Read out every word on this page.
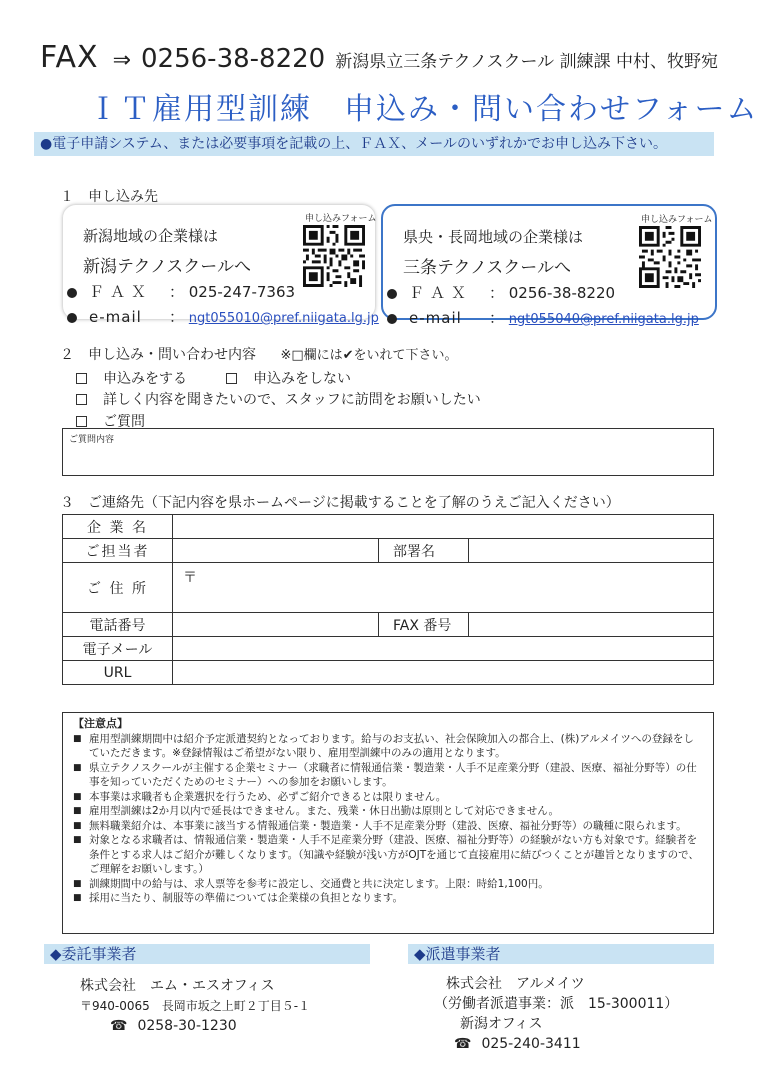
FAX ⇒ 0256-38-8220 新潟県立三条テクノスクール 訓練課 中村、牧野宛
ＩＴ雇用型訓練　申込み・問い合わせフォーム
●電子申請システム、または必要事項を記載の上、ＦＡＸ、メールのいずれかでお申し込み下さい。
１　申し込み先
申し込みフォーム
新潟地域の企業様は
新潟テクノスクールへ
ＦＡＸ ： 025-247-7363
e-mail ： ngt055010@pref.niigata.lg.jp
申し込みフォーム
県央・長岡地域の企業様は
三条テクノスクールへ
ＦＡＸ ： 0256-38-8220
e-mail ： ngt055040@pref.niigata.lg.jp
２　申し込み・問い合わせ内容 ※□欄には✔をいれて下さい。
申込みをする	申込みをしない
詳しく内容を聞きたいので、スタッフに訪問をお願いしたい
ご質問
ご質問内容
３　ご連絡先（下記内容を県ホームページに掲載することを了解のうえご記入ください）
企 業 名			
ご担当者		部署名	
ご 住 所	〒		
電話番号		FAX 番号	
電子メール			
URL			
【注意点】
■ 雇用型訓練期間中は紹介予定派遣契約となっております。給与のお支払い、社会保険加入の都合上、(株)アルメイツへの登録をしていただきます。※登録情報はご希望がない限り、雇用型訓練中のみの適用となります。
■ 県立テクノスクールが主催する企業セミナー（求職者に情報通信業・製造業・人手不足産業分野（建設、医療、福祉分野等）の仕事を知っていただくためのセミナー）への参加をお願いします。
■ 本事業は求職者も企業選択を行うため、必ずご紹介できるとは限りません。
■ 雇用型訓練は2か月以内で延長はできません。また、残業・休日出勤は原則として対応できません。
■ 無料職業紹介は、本事業に該当する情報通信業・製造業・人手不足産業分野（建設、医療、福祉分野等）の職種に限られます。
■ 対象となる求職者は、情報通信業・製造業・人手不足産業分野（建設、医療、福祉分野等）の経験がない方も対象です。経験者を条件とする求人はご紹介が難しくなります。（知識や経験が浅い方がOJTを通じて直接雇用に結びつくことが趣旨となりますので、ご理解をお願いします。）
■ 訓練期間中の給与は、求人票等を参考に設定し、交通費と共に決定します。上限：時給1,100円。
■ 採用に当たり、制服等の準備については企業様の負担となります。
◆委託事業者
株式会社　エム・エスオフィス
〒940-0065　長岡市坂之上町２丁目５-１
☎ 0258-30-1230
◆派遣事業者
株式会社　アルメイツ
（労働者派遣事業：派　15-300011）
新潟オフィス
☎ 025-240-3411
